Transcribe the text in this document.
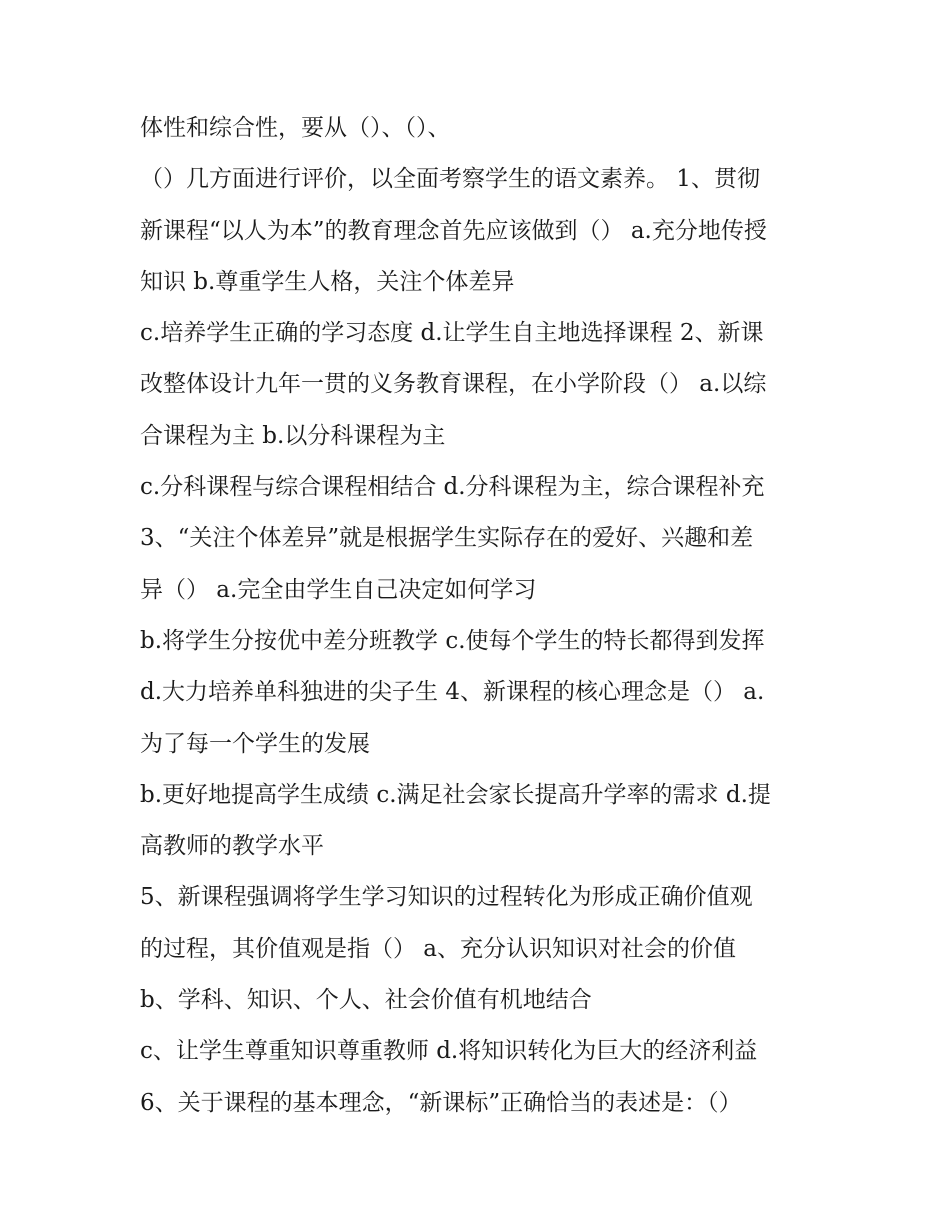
体性和综合性，要从（）、（）、
（）几方面进行评价，以全面考察学生的语文素养。 1、贯彻
新课程“以人为本”的教育理念首先应该做到（） a.充分地传授
知识 b.尊重学生人格，关注个体差异
c.培养学生正确的学习态度 d.让学生自主地选择课程 2、新课
改整体设计九年一贯的义务教育课程，在小学阶段（） a.以综
合课程为主 b.以分科课程为主
c.分科课程与综合课程相结合 d.分科课程为主，综合课程补充
3、“关注个体差异”就是根据学生实际存在的爱好、兴趣和差
异（） a.完全由学生自己决定如何学习
b.将学生分按优中差分班教学 c.使每个学生的特长都得到发挥
d.大力培养单科独进的尖子生 4、新课程的核心理念是（） a.
为了每一个学生的发展
b.更好地提高学生成绩 c.满足社会家长提高升学率的需求 d.提
高教师的教学水平
5、新课程强调将学生学习知识的过程转化为形成正确价值观
的过程，其价值观是指（） a、充分认识知识对社会的价值
b、学科、知识、个人、社会价值有机地结合
c、让学生尊重知识尊重教师 d.将知识转化为巨大的经济利益
6、关于课程的基本理念，“新课标”正确恰当的表述是：（）
